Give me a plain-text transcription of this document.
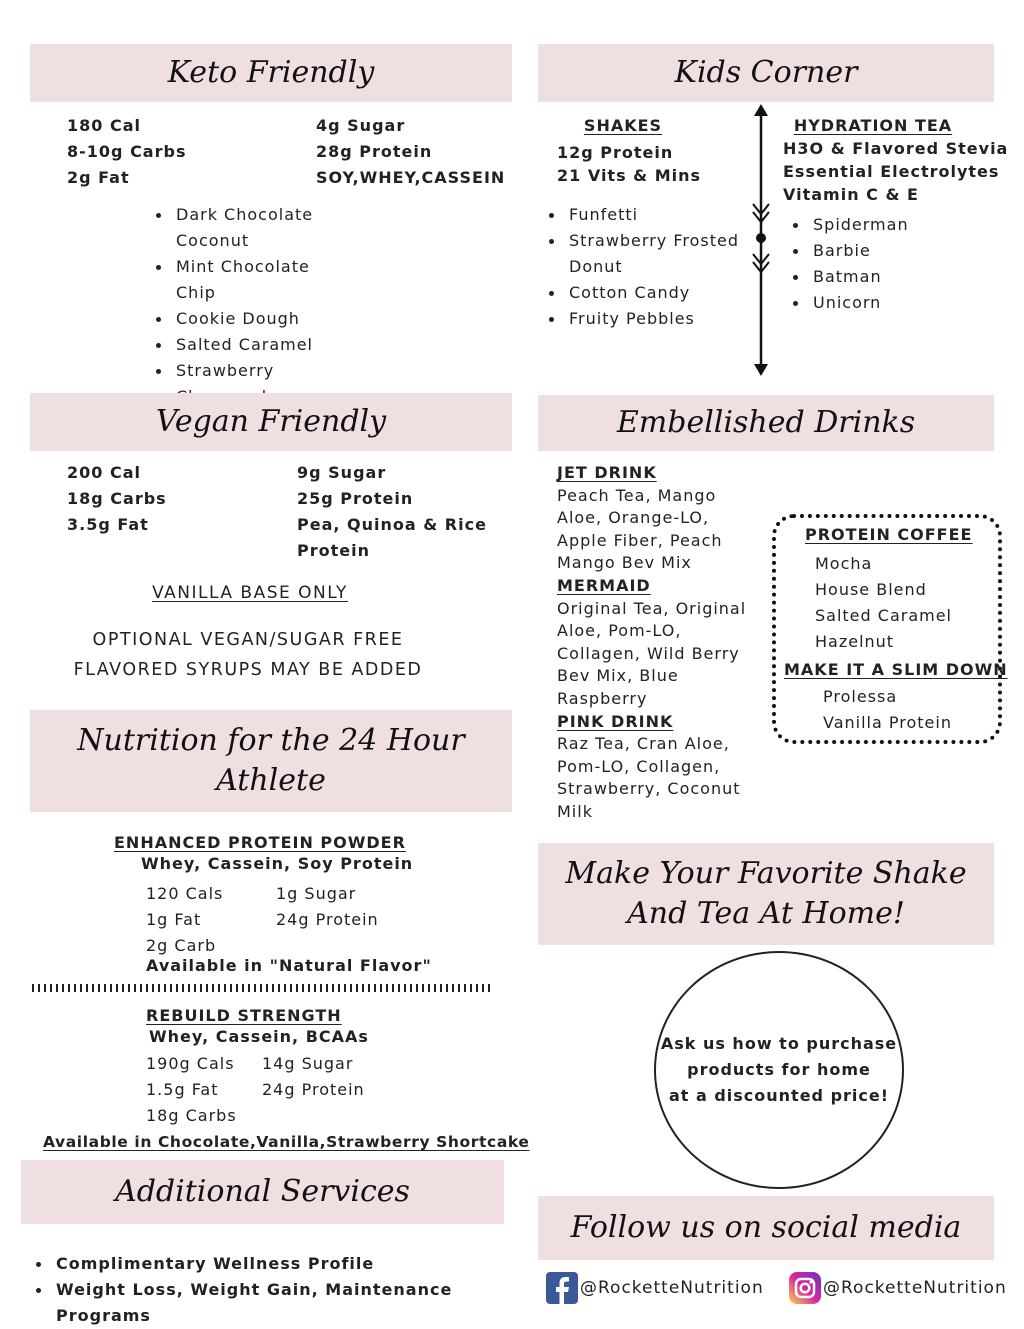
Keto Friendly
180 Cal
8-10g Carbs
2g Fat
4g Sugar
28g Protein
SOY,WHEY,CASSEIN
Dark Chocolate Coconut
Mint Chocolate Chip
Cookie Dough
Salted Caramel
Strawberry
Kids Corner
SHAKES
12g Protein
21 Vits & Mins
Funfetti
Strawberry Frosted Donut
Cotton Candy
Fruity Pebbles
HYDRATION TEA
H3O & Flavored Stevia
Essential Electrolytes
Vitamin C & E
Spiderman
Barbie
Batman
Unicorn
Vegan Friendly
200 Cal
18g Carbs
3.5g Fat
9g Sugar
25g Protein
Pea, Quinoa & Rice Protein
VANILLA BASE ONLY
OPTIONAL VEGAN/SUGAR FREE
FLAVORED SYRUPS MAY BE ADDED
Embellished Drinks
JET DRINK
Peach Tea, Mango Aloe, Orange-LO, Apple Fiber, Peach Mango Bev Mix
MERMAID
Original Tea, Original Aloe, Pom-LO, Collagen, Wild Berry Bev Mix, Blue Raspberry
PINK DRINK
Raz Tea, Cran Aloe, Pom-LO, Collagen, Strawberry, Coconut Milk
PROTEIN COFFEE
Mocha
House Blend
Salted Caramel
Hazelnut
MAKE IT A SLIM DOWN
Prolessa
Vanilla Protein
Nutrition for the 24 Hour
Athlete
ENHANCED PROTEIN POWDER
Whey, Cassein, Soy Protein
120 Cals
1g Fat
2g Carb
1g Sugar
24g Protein
Available in "Natural Flavor"
REBUILD STRENGTH
Whey, Cassein, BCAAs
190g Cals
1.5g Fat
18g Carbs
14g Sugar
24g Protein
Available in Chocolate,Vanilla,Strawberry Shortcake
Make Your Favorite Shake
And Tea At Home!
Ask us how to purchase
products for home
at a discounted price!
Additional Services
Complimentary Wellness Profile
Weight Loss, Weight Gain, Maintenance Programs
Follow us on social media
@RocketteNutrition	@RocketteNutrition
